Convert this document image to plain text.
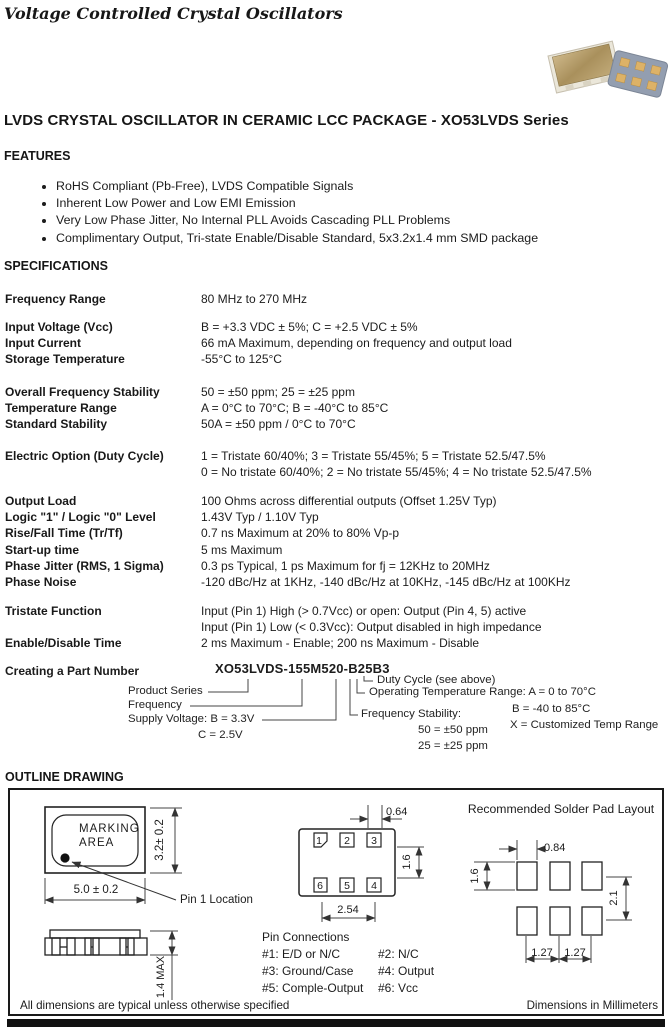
Voltage Controlled Crystal Oscillators
LVDS CRYSTAL OSCILLATOR IN CERAMIC LCC PACKAGE - XO53LVDS Series
FEATURES
• RoHS Compliant (Pb-Free), LVDS Compatible Signals
• Inherent Low Power and Low EMI Emission
• Very Low Phase Jitter, No Internal PLL Avoids Cascading PLL Problems
• Complimentary Output, Tri-state Enable/Disable Standard, 5x3.2x1.4 mm SMD package
SPECIFICATIONS
Frequency Range	80 MHz to 270 MHz
Input Voltage (Vcc)	B = +3.3 VDC ± 5%; C = +2.5 VDC ± 5%
Input Current	66 mA Maximum, depending on frequency and output load
Storage Temperature	-55°C to 125°C
Overall Frequency Stability	50 = ±50 ppm; 25 = ±25 ppm
Temperature Range	A = 0°C to 70°C; B = -40°C to 85°C
Standard Stability	50A = ±50 ppm / 0°C to 70°C
Electric Option (Duty Cycle)	1 = Tristate 60/40%; 3 = Tristate 55/45%; 5 = Tristate 52.5/47.5%
0 = No tristate 60/40%; 2 = No tristate 55/45%; 4 = No tristate 52.5/47.5%
Output Load	100 Ohms across differential outputs (Offset 1.25V Typ)
Logic "1" / Logic "0" Level	1.43V Typ / 1.10V Typ
Rise/Fall Time (Tr/Tf)	0.7 ns Maximum at 20% to 80% Vp-p
Start-up time	5 ms Maximum
Phase Jitter (RMS, 1 Sigma)	0.3 ps Typical, 1 ps Maximum for fj = 12KHz to 20MHz
Phase Noise	-120 dBc/Hz at 1KHz, -140 dBc/Hz at 10KHz, -145 dBc/Hz at 100KHz
Tristate Function	Input (Pin 1) High (> 0.7Vcc) or open: Output (Pin 4, 5) active
Input (Pin 1) Low (< 0.3Vcc): Output disabled in high impedance
Enable/Disable Time	2 ms Maximum - Enable; 200 ns Maximum - Disable
Creating a Part Number	XO53LVDS-155M520-B25B3
Product Series
Frequency
Supply Voltage: B = 3.3V
C = 2.5V
Duty Cycle (see above)
Operating Temperature Range: A = 0 to 70°C
B = -40 to 85°C
X = Customized Temp Range
Frequency Stability:
50 = ±50 ppm
25 = ±25 ppm
OUTLINE DRAWING
MARKING
AREA	3.2± 0.2
5.0 ± 0.2
Pin 1 Location
1.4 MAX
1 2 3
6 5 4
0.64
1.6
2.54
Recommended Solder Pad Layout
0.84
1.6
2.1
1.27 1.27
Pin Connections
#1: E/D or N/C	#2: N/C
#3: Ground/Case #4: Output
#5: Comple-Output #6: Vcc
All dimensions are typical unless otherwise specified	Dimensions in Millimeters
